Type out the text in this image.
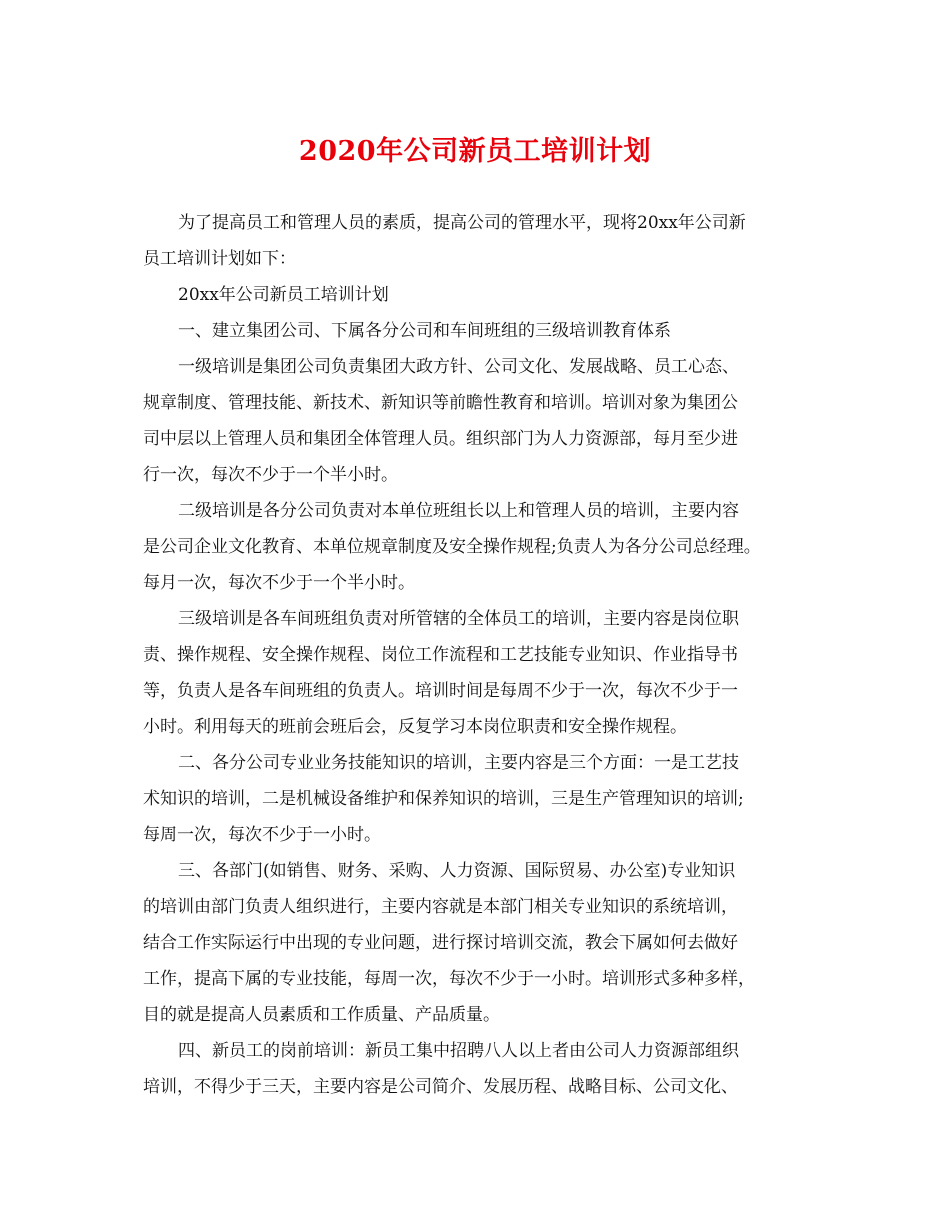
2020年公司新员工培训计划
为了提高员工和管理人员的素质，提高公司的管理水平，现将20xx年公司新
员工培训计划如下：
20xx年公司新员工培训计划
一、建立集团公司、下属各分公司和车间班组的三级培训教育体系
一级培训是集团公司负责集团大政方针、公司文化、发展战略、员工心态、
规章制度、管理技能、新技术、新知识等前瞻性教育和培训。培训对象为集团公
司中层以上管理人员和集团全体管理人员。组织部门为人力资源部，每月至少进
行一次，每次不少于一个半小时。
二级培训是各分公司负责对本单位班组长以上和管理人员的培训，主要内容
是公司企业文化教育、本单位规章制度及安全操作规程;负责人为各分公司总经理。
每月一次，每次不少于一个半小时。
三级培训是各车间班组负责对所管辖的全体员工的培训，主要内容是岗位职
责、操作规程、安全操作规程、岗位工作流程和工艺技能专业知识、作业指导书
等，负责人是各车间班组的负责人。培训时间是每周不少于一次，每次不少于一
小时。利用每天的班前会班后会，反复学习本岗位职责和安全操作规程。
二、各分公司专业业务技能知识的培训，主要内容是三个方面：一是工艺技
术知识的培训，二是机械设备维护和保养知识的培训，三是生产管理知识的培训;
每周一次，每次不少于一小时。
三、各部门(如销售、财务、采购、人力资源、国际贸易、办公室)专业知识
的培训由部门负责人组织进行，主要内容就是本部门相关专业知识的系统培训，
结合工作实际运行中出现的专业问题，进行探讨培训交流，教会下属如何去做好
工作，提高下属的专业技能，每周一次，每次不少于一小时。培训形式多种多样，
目的就是提高人员素质和工作质量、产品质量。
四、新员工的岗前培训：新员工集中招聘八人以上者由公司人力资源部组织
培训，不得少于三天，主要内容是公司简介、发展历程、战略目标、公司文化、
